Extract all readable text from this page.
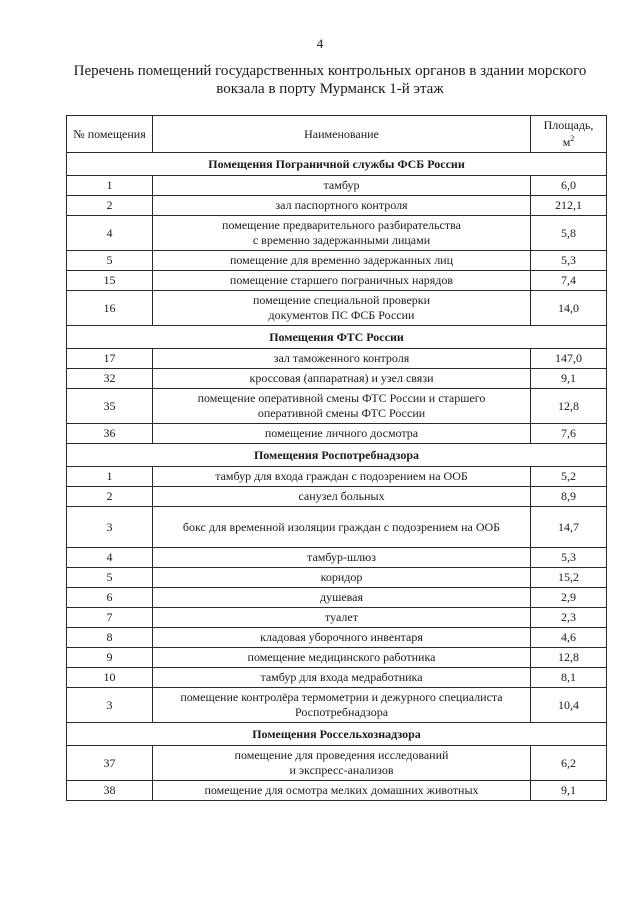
4
Перечень помещений государственных контрольных органов в здании морского
вокзала в порту Мурманск 1-й этаж
№ помещения	Наименование	Площадь,
$м^2$
Помещения Пограничной службы ФСБ России		
1	тамбур	6,0
2	зал паспортного контроля	212,1
4	помещение предварительного разбирательства
с временно задержанными лицами	5,8
5	помещение для временно задержанных лиц	5,3
15	помещение старшего пограничных нарядов	7,4
16	помещение специальной проверки
документов ПС ФСБ России	14,0
Помещения ФТС России		
17	зал таможенного контроля	147,0
32	кроссовая (аппаратная) и узел связи	9,1
35	помещение оперативной смены ФТС России и старшего
оперативной смены ФТС России	12,8
36	помещение личного досмотра	7,6
Помещения Роспотребнадзора		
1	тамбур для входа граждан с подозрением на ООБ	5,2
2	санузел больных	8,9
3	бокс для временной изоляции граждан с подозрением на ООБ	14,7
4	тамбур-шлюз	5,3
5	коридор	15,2
6	душевая	2,9
7	туалет	2,3
8	кладовая уборочного инвентаря	4,6
9	помещение медицинского работника	12,8
10	тамбур для входа медработника	8,1
3	помещение контролёра термометрии и дежурного специалиста
Роспотребнадзора	10,4
Помещения Россельхознадзора		
37	помещение для проведения исследований
и экспресс-анализов	6,2
38	помещение для осмотра мелких домашних животных	9,1
